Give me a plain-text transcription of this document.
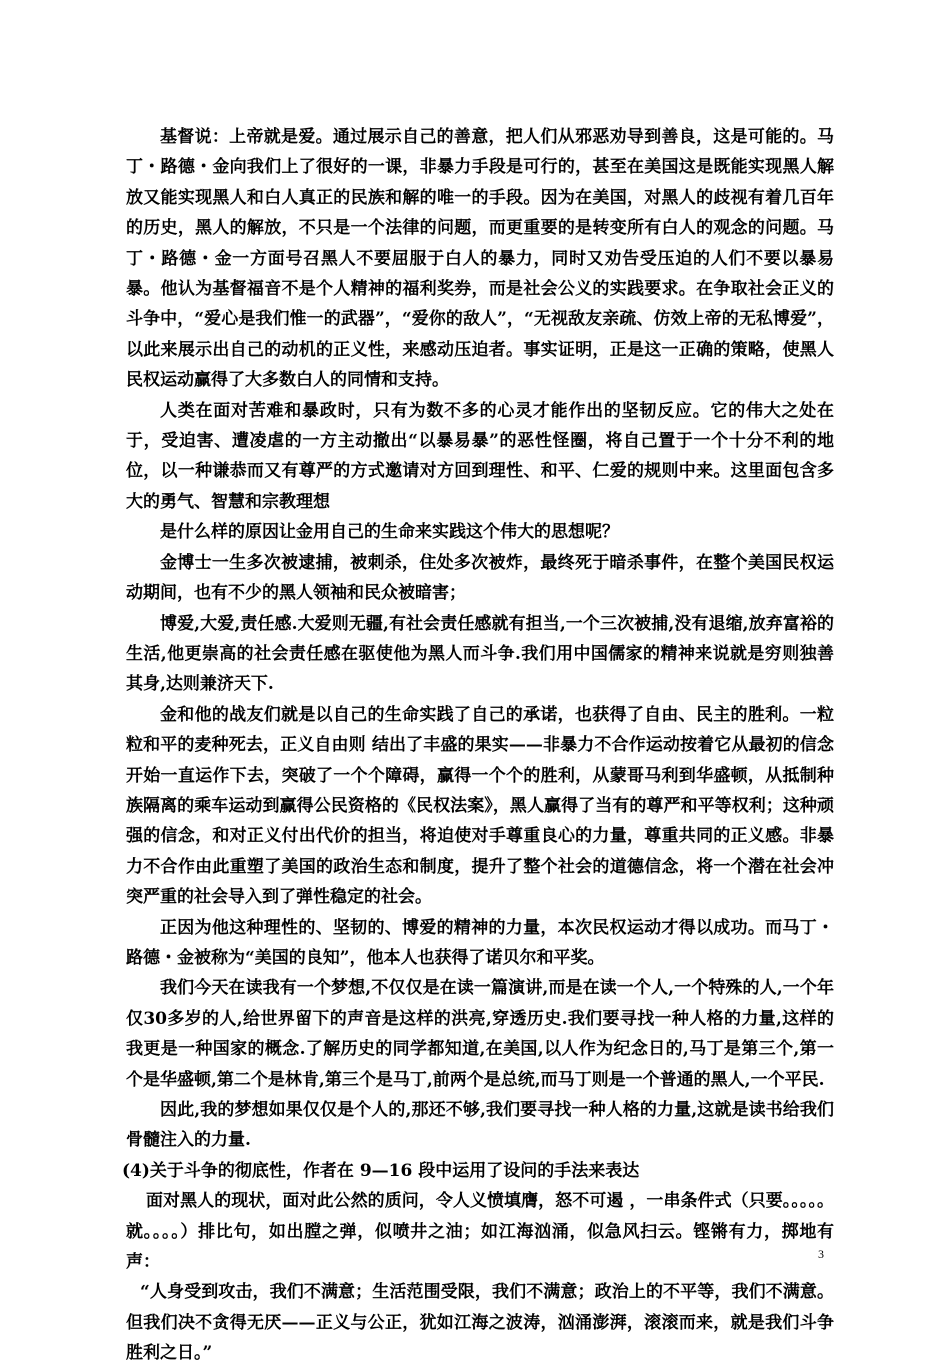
基督说：上帝就是爱。通过展示自己的善意，把人们从邪恶劝导到善良，这是可能的。马丁・路德・金向我们上了很好的一课，非暴力手段是可行的，甚至在美国这是既能实现黑人解放又能实现黑人和白人真正的民族和解的唯一的手段。因为在美国，对黑人的歧视有着几百年的历史，黑人的解放，不只是一个法律的问题，而更重要的是转变所有白人的观念的问题。马丁・路德・金一方面号召黑人不要屈服于白人的暴力，同时又劝告受压迫的人们不要以暴易暴。他认为基督福音不是个人精神的福利奖券，而是社会公义的实践要求。在争取社会正义的斗争中，“爱心是我们惟一的武器”，“爱你的敌人”，“无视敌友亲疏、仿效上帝的无私博爱”，以此来展示出自己的动机的正义性，来感动压迫者。事实证明，正是这一正确的策略，使黑人民权运动赢得了大多数白人的同情和支持。

人类在面对苦难和暴政时，只有为数不多的心灵才能作出的坚韧反应。它的伟大之处在于，受迫害、遭凌虐的一方主动撤出“以暴易暴”的恶性怪圈，将自己置于一个十分不利的地位，以一种谦恭而又有尊严的方式邀请对方回到理性、和平、仁爱的规则中来。这里面包含多大的勇气、智慧和宗教理想

是什么样的原因让金用自己的生命来实践这个伟大的思想呢？

金博士一生多次被逮捕，被刺杀，住处多次被炸，最终死于暗杀事件，在整个美国民权运动期间，也有不少的黑人领袖和民众被暗害；

博爱,大爱,责任感.大爱则无疆,有社会责任感就有担当,一个三次被捕,没有退缩,放弃富裕的生活,他更崇高的社会责任感在驱使他为黑人而斗争.我们用中国儒家的精神来说就是穷则独善其身,达则兼济天下.

金和他的战友们就是以自己的生命实践了自己的承诺，也获得了自由、民主的胜利。一粒粒和平的麦种死去，正义自由则 结出了丰盛的果实——非暴力不合作运动按着它从最初的信念开始一直运作下去，突破了一个个障碍，赢得一个个的胜利，从蒙哥马利到华盛顿，从抵制种族隔离的乘车运动到赢得公民资格的《民权法案》，黑人赢得了当有的尊严和平等权利；这种顽强的信念，和对正义付出代价的担当，将迫使对手尊重良心的力量，尊重共同的正义感。非暴力不合作由此重塑了美国的政治生态和制度，提升了整个社会的道德信念，将一个潜在社会冲突严重的社会导入到了弹性稳定的社会。

正因为他这种理性的、坚韧的、博爱的精神的力量，本次民权运动才得以成功。而马丁・路德・金被称为“美国的良知”，他本人也获得了诺贝尔和平奖。

我们今天在读我有一个梦想,不仅仅是在读一篇演讲,而是在读一个人,一个特殊的人,一个年仅30多岁的人,给世界留下的声音是这样的洪亮,穿透历史.我们要寻找一种人格的力量,这样的我更是一种国家的概念.了解历史的同学都知道,在美国,以人作为纪念日的,马丁是第三个,第一个是华盛顿,第二个是林肯,第三个是马丁,前两个是总统,而马丁则是一个普通的黑人,一个平民.

因此,我的梦想如果仅仅是个人的,那还不够,我们要寻找一种人格的力量,这就是读书给我们骨髓注入的力量.

(4)关于斗争的彻底性，作者在 9—16 段中运用了设问的手法来表达

面对黑人的现状，面对此公然的质问，令人义愤填膺，怒不可遏 ，一串条件式（只要。。。。。就。。。。）排比句，如出膛之弹，似喷井之油；如江海汹涌，似急风扫云。铿锵有力，掷地有声：

“人身受到攻击，我们不满意；生活范围受限，我们不满意；政治上的不平等，我们不满意。但我们决不贪得无厌——正义与公正，犹如江海之波涛，汹涌澎湃，滚滚而来，就是我们斗争胜利之日。”

3
